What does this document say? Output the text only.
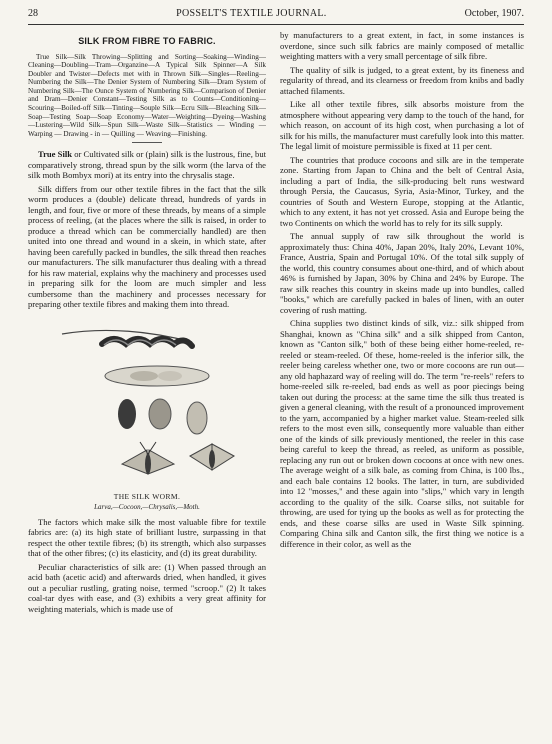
28	POSSELT'S TEXTILE JOURNAL.	October, 1907.
SILK FROM FIBRE TO FABRIC.
True Silk—Silk Throwing—Splitting and Sorting—Soaking—Winding—Cleaning—Doubling—Tram—Organzine—A Typical Silk Spinner—A Silk Doubler and Twister—Defects met with in Thrown Silk—Singles—Reeling—Numbering the Silk—The Denier System of Numbering Silk—Dram System of Numbering Silk—The Ounce System of Numbering Silk—Comparison of Denier and Dram—Denier Constant—Testing Silk as to Counts—Conditioning—Scouring—Boiled-off Silk—Tinting—Souple Silk—Ecru Silk—Bleaching Silk—Soap—Testing Soap—Soap Economy—Water—Weighting—Dyeing—Washing—Lustering—Wild Silk—Spun Silk—Waste Silk—Statistics — Winding — Warping — Drawing - in — Quilling — Weaving—Finishing.

True Silk or Cultivated silk or (plain) silk is the lustrous, fine, but comparatively strong, thread spun by the silk worm (the larva of the silk moth Bombyx mori) at its entry into the chrysalis stage.

Silk differs from our other textile fibres in the fact that the silk worm produces a (double) delicate thread, hundreds of yards in length, and four, five or more of these threads, by means of a simple process of reeling, (at the places where the silk is raised, in order to produce a thread which can be commercially handled) are then united into one thread and wound in a skein, in which state, after having been carefully packed in bundles, the silk thread then reaches our manufacturers. The silk manufacturer thus dealing with a thread for his raw material, explains why the machinery and processes used in preparing silk for the loom are much simpler and less cumbersome than the machinery and processes necessary for preparing other textile fibres and making them into thread.

THE SILK WORM.
Larva,—Cocoon,—Chrysalis,—Moth.

The factors which make silk the most valuable fibre for textile fabrics are: (a) its high state of brilliant lustre, surpassing in that respect the other textile fibres; (b) its strength, which also surpasses that of the other fibres; (c) its elasticity, and (d) its great durability.

Peculiar characteristics of silk are: (1) When passed through an acid bath (acetic acid) and afterwards dried, when handled, it gives out a peculiar rustling, grating noise, termed "scroop." (2) It takes coal-tar dyes with ease, and (3) exhibits a very great affinity for weighting materials, which is made use of

by manufacturers to a great extent, in fact, in some instances is overdone, since such silk fabrics are mainly composed of metallic weighting matters with a very small percentage of silk fibre.

The quality of silk is judged, to a great extent, by its fineness and regularity of thread, and its clearness or freedom from knibs and badly attached filaments.

Like all other textile fibres, silk absorbs moisture from the atmosphere without appearing very damp to the touch of the hand, for which reason, on account of its high cost, when purchasing a lot of silk for his mills, the manufacturer must carefully look into this matter. The legal limit of moisture permissible is fixed at 11 per cent.

The countries that produce cocoons and silk are in the temperate zone. Starting from Japan to China and the belt of Central Asia, including a part of India, the silk-producing belt runs westward through Persia, the Caucasus, Syria, Asia-Minor, Turkey, and the countries of South and Western Europe, stopping at the Atlantic, which to any extent, it has not yet crossed. Asia and Europe being the two Continents on which the world has to rely for its silk supply.

The annual supply of raw silk throughout the world is approximately thus: China 40%, Japan 20%, Italy 20%, Levant 10%, France, Austria, Spain and Portugal 10%. Of the total silk supply of the world, this country consumes about one-third, and of which about 46% is furnished by Japan, 30% by China and 24% by Europe. The raw silk reaches this country in skeins made up into bundles, called "books," which are carefully packed in bales of linen, with an outer covering of rush matting.

China supplies two distinct kinds of silk, viz.: silk shipped from Shanghai, known as "China silk" and a silk shipped from Canton, known as "Canton silk," both of these being either home-reeled, re-reeled or steam-reeled. Of these, home-reeled is the inferior silk, the reeler being careless whether one, two or more cocoons are run out—any old haphazard way of reeling will do. The term "re-reels" refers to home-reeled silk re-reeled, bad ends as well as poor piecings being taken out during the process: at the same time the silk thus treated is given a general cleaning, with the result of a pronounced improvement to the yarn, accompanied by a higher market value. Steam-reeled silk refers to the most even silk, consequently more valuable than either one of the kinds of silk previously mentioned, the reeler in this case being careful to keep the thread, as reeled, as uniform as possible, replacing any run out or broken down cocoons at once with new ones. The average weight of a silk bale, as coming from China, is 100 lbs., and each bale contains 12 books. The latter, in turn, are subdivided into 12 "mosses," and these again into "slips," which vary in length according to the quality of the silk. Coarse silks, not suitable for throwing, are used for tying up the books as well as for protecting the ends, and these coarse silks are used in Waste Silk spinning. Comparing China silk and Canton silk, the first thing we notice is a difference in their color, as well as the
